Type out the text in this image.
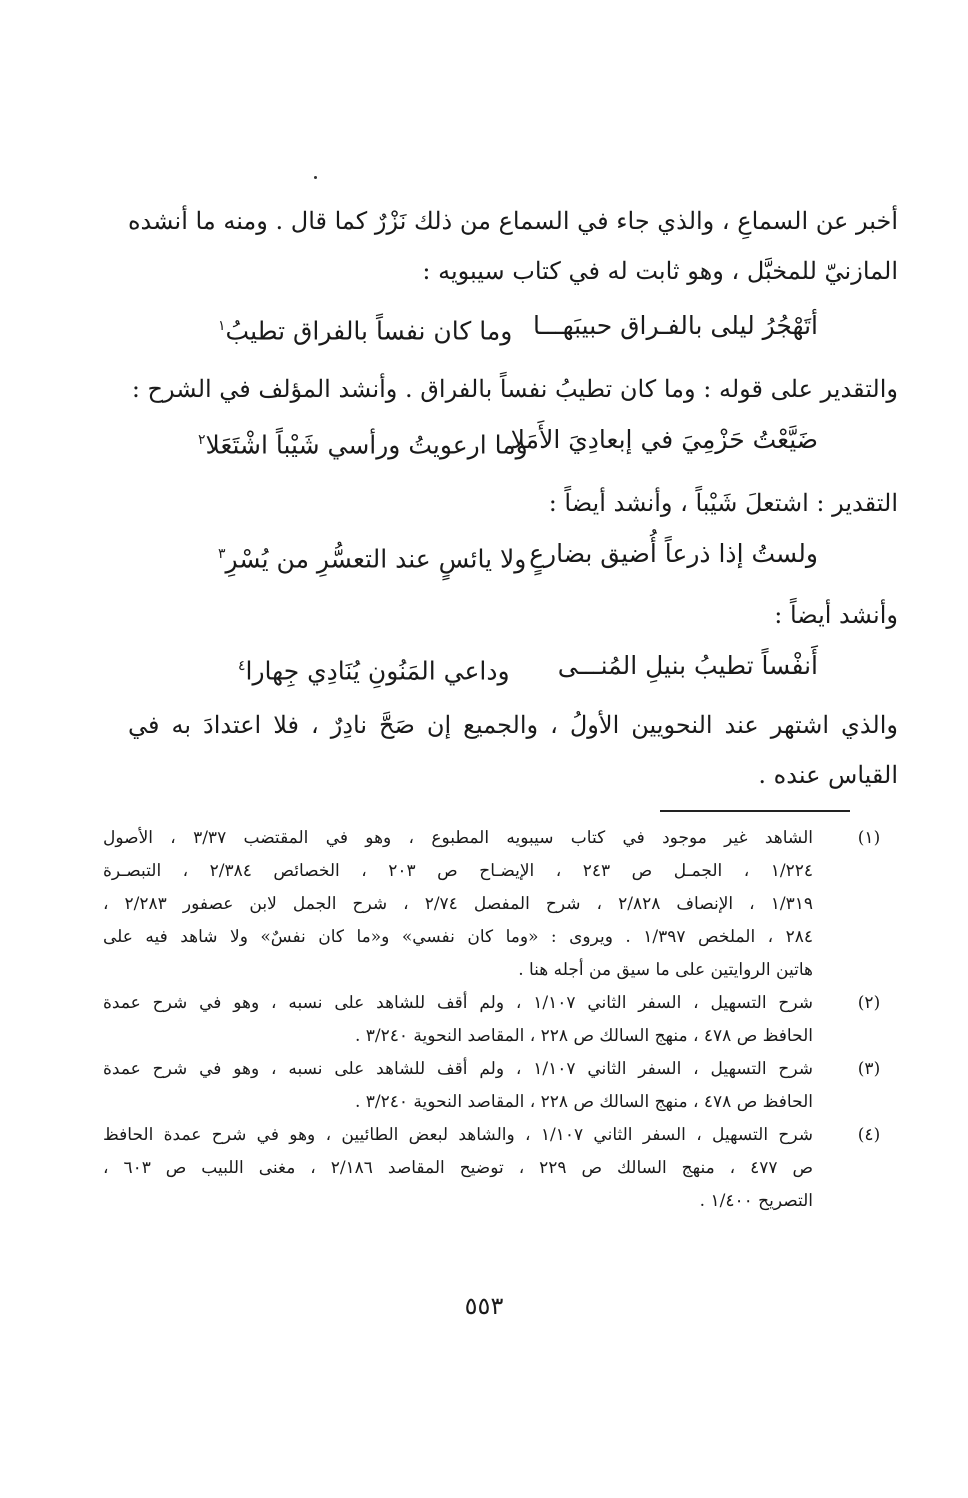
أخبر عن السماعِ ، والذي جاء في السماع من ذلك نَزْرٌ كما قال . ومنه ما أنشده
المازنيّ للمخبَّل ، وهو ثابت له في كتاب سيبويه :
أتَهْجُرُ ليلى بالفـراق حبيبَهـــا
وما كان نفساً بالفراق تطيبُ$^١$
والتقدير على قوله : وما كان تطيبُ نفساً بالفراق . وأنشد المؤلف في الشرح :
ضَيَّعْتُ حَزْمِيَ في إبعادِيَ الأَمَلا
وما ارعويتُ ورأسي شَيْباً اشْتَعَلا$^٢$
التقدير : اشتعلَ شَيْباً ، وأنشد أيضاً :
ولستُ إذا ذرعاً أُضيق بضارعٍ
ولا يائسٍ عند التعسُّرِ من يُسْرِ$^٣$
وأنشد أيضاً :
أَنفْساً تطيبُ بنيلِ المُنـــى
وداعي المَنُونِ يُنَادِي جِهارا$^٤$
والذي اشتهر عند النحويين الأولُ ، والجميع إن صَحَّ نادِرٌ ، فلا اعتدادَ به في
القياس عنده .
(١)
الشاهد غير موجود في كتاب سيبويه المطبوع ، وهو في المقتضب ٣/٣٧ ، الأصول
١/٢٢٤ ، الجمـل ص ٢٤٣ ، الإيضـاح ص ٢٠٣ ، الخصائص ٢/٣٨٤ ، التبصـرة
١/٣١٩ ، الإنصاف ٢/٨٢٨ ، شرح المفصل ٢/٧٤ ، شرح الجمل لابن عصفور ٢/٢٨٣ ،
٢٨٤ ، الملخص ١/٣٩٧ . ويروى : «وما كان نفسي» و«ما كان نفسٌ» ولا شاهد فيه على
هاتين الروايتين على ما سيق من أجله هنا .
(٢)
شرح التسهيل ، السفر الثاني ١/١٠٧ ، ولم أقف للشاهد على نسبه ، وهو في شرح عمدة
الحافظ ص ٤٧٨ ، منهج السالك ص ٢٢٨ ، المقاصد النحوية ٣/٢٤٠ .
(٣)
شرح التسهيل ، السفر الثاني ١/١٠٧ ، ولم أقف للشاهد على نسبه ، وهو في شرح عمدة
الحافظ ص ٤٧٨ ، منهج السالك ص ٢٢٨ ، المقاصد النحوية ٣/٢٤٠ .
(٤)
شرح التسهيل ، السفر الثاني ١/١٠٧ ، والشاهد لبعض الطائيين ، وهو في شرح عمدة الحافظ
ص ٤٧٧ ، منهج السالك ص ٢٢٩ ، توضيح المقاصد ٢/١٨٦ ، مغنى اللبيب ص ٦٠٣ ،
التصريح ١/٤٠٠ .
٥٥٣
